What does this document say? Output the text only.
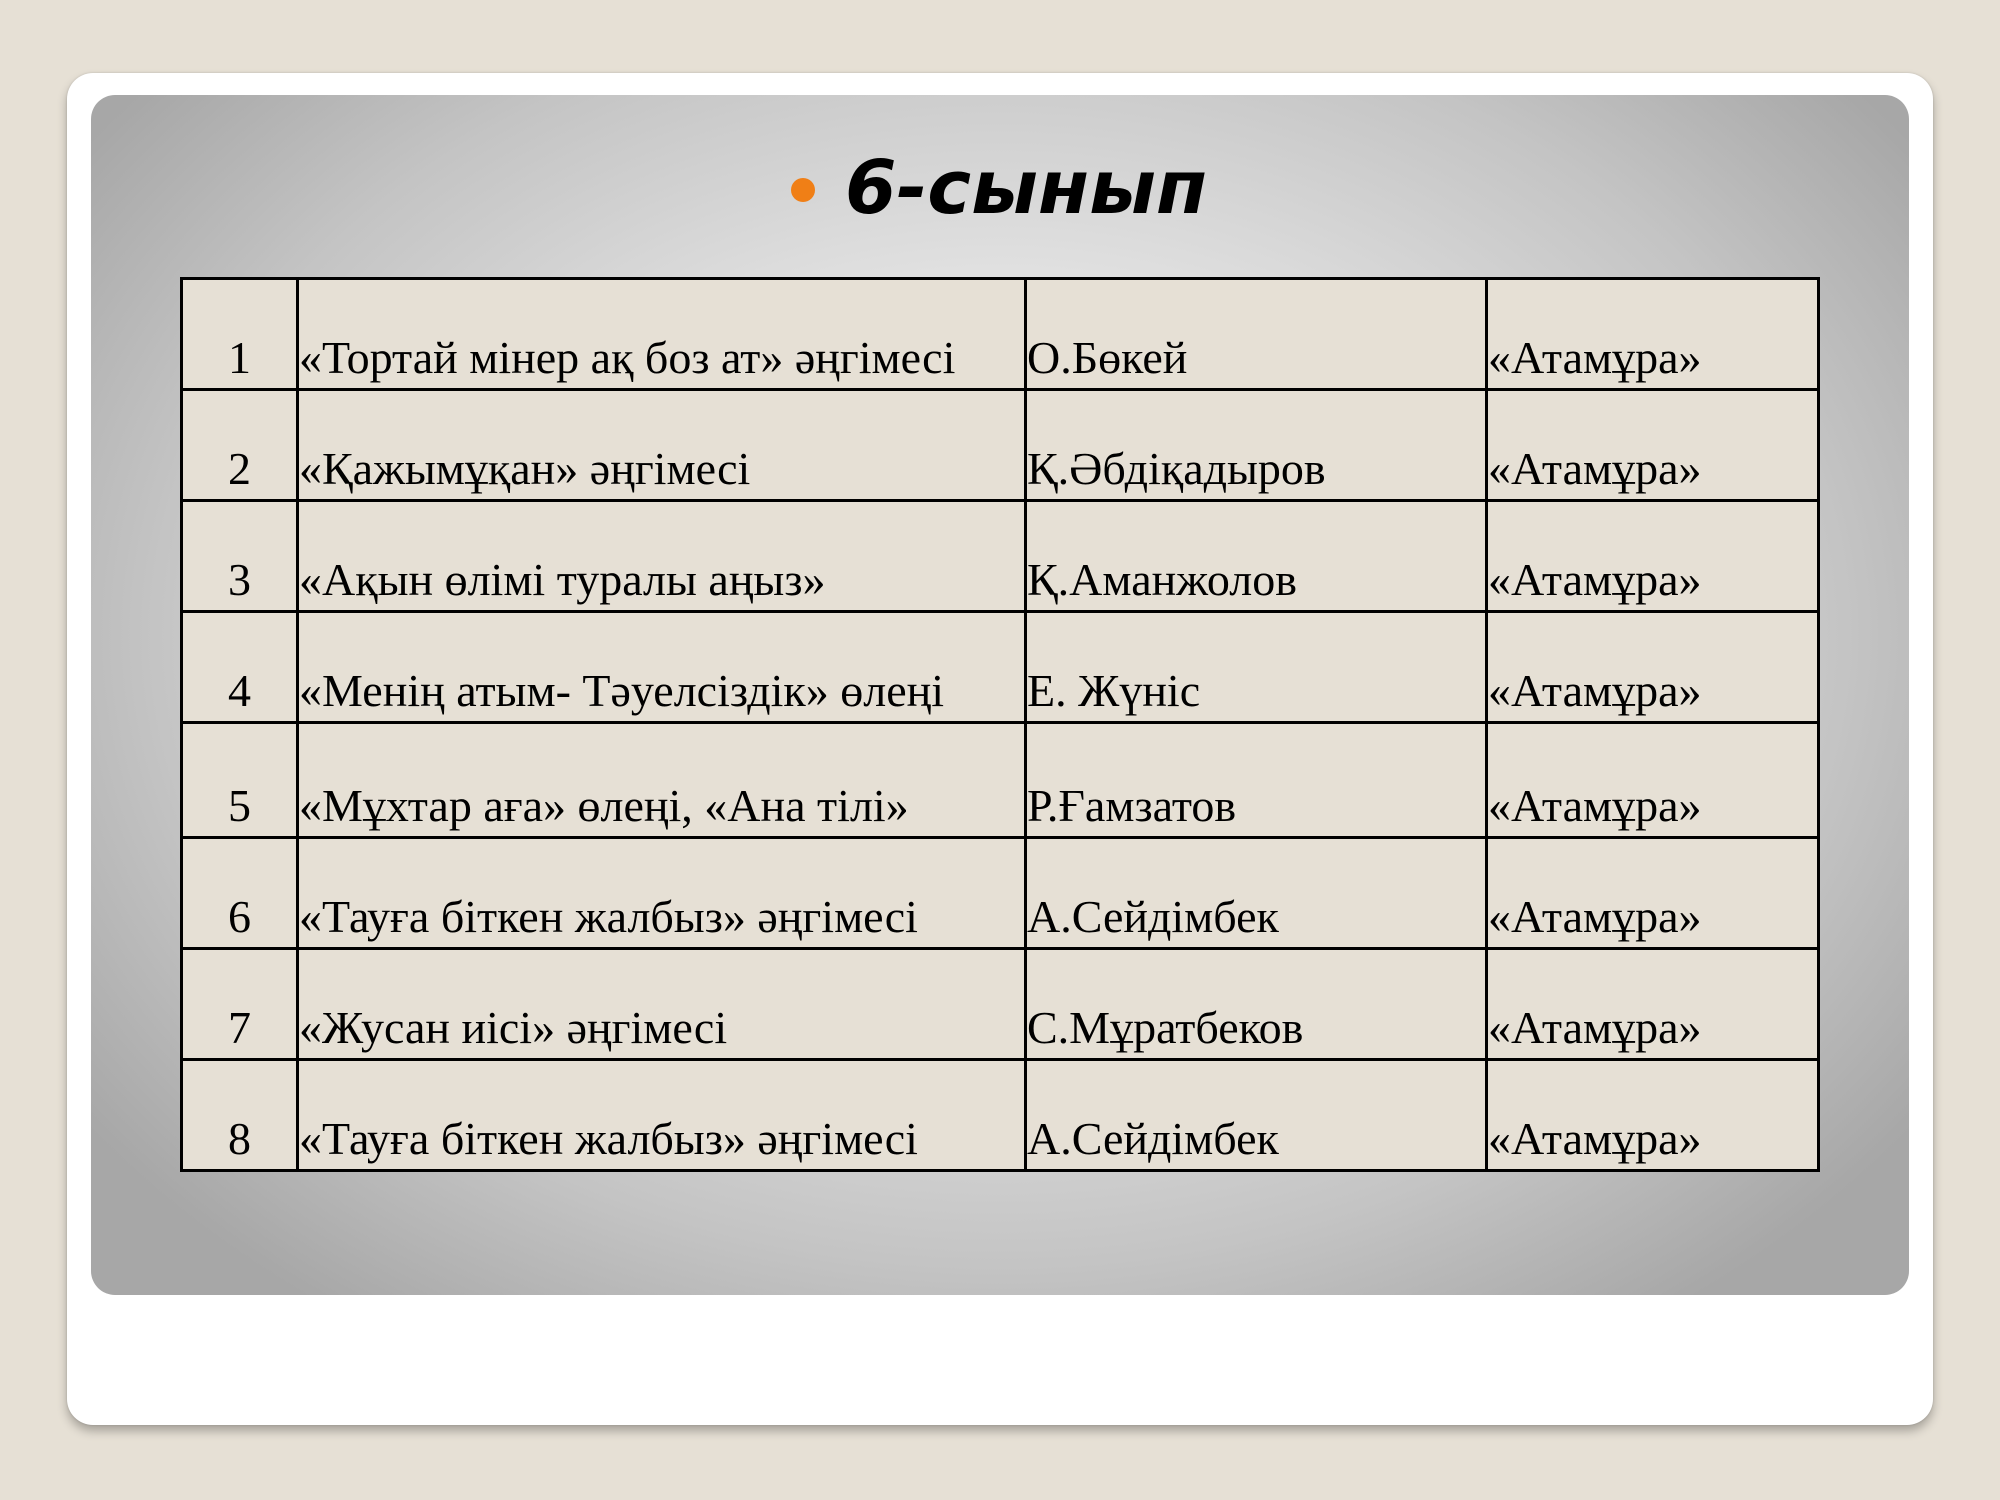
6-сынып
1	«Тортай мінер ақ боз ат» әңгімесі	О.Бөкей	«Атамұра»
2	«Қажымұқан» әңгімесі	Қ.Әбдіқадыров	«Атамұра»
3	«Ақын өлімі туралы аңыз»	Қ.Аманжолов	«Атамұра»
4	«Менің атым- Тәуелсіздік» өлеңі	Е. Жүніс	«Атамұра»
5	«Мұхтар аға» өлеңі, «Ана тілі»	Р.Ғамзатов	«Атамұра»
6	«Тауға біткен жалбыз» әңгімесі	А.Сейдімбек	«Атамұра»
7	«Жусан иісі» әңгімесі	С.Мұратбеков	«Атамұра»
8	«Тауға біткен жалбыз» әңгімесі	А.Сейдімбек	«Атамұра»
